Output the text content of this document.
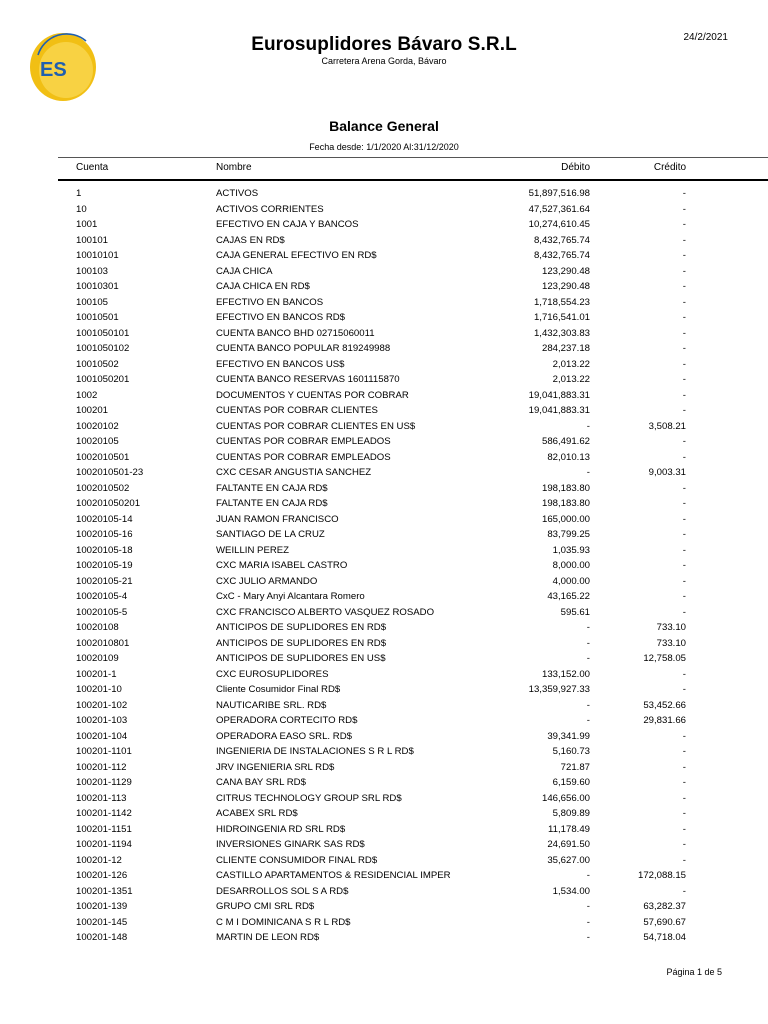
ES
Eurosuplidores Bávaro S.R.L
Carretera Arena Gorda, Bávaro
24/2/2021
Balance General
Fecha desde: 1/1/2020 Al:31/12/2020
Cuenta	Nombre	Débito	Crédito
1	ACTIVOS	51,897,516.98	-
10	ACTIVOS CORRIENTES	47,527,361.64	-
1001	EFECTIVO EN CAJA Y BANCOS	10,274,610.45	-
100101	CAJAS EN RD$	8,432,765.74	-
10010101	CAJA GENERAL EFECTIVO EN RD$	8,432,765.74	-
100103	CAJA CHICA	123,290.48	-
10010301	CAJA CHICA EN RD$	123,290.48	-
100105	EFECTIVO EN BANCOS	1,718,554.23	-
10010501	EFECTIVO EN BANCOS RD$	1,716,541.01	-
1001050101	CUENTA BANCO BHD 02715060011	1,432,303.83	-
1001050102	CUENTA BANCO POPULAR 819249988	284,237.18	-
10010502	EFECTIVO EN BANCOS US$	2,013.22	-
1001050201	CUENTA BANCO RESERVAS 1601115870	2,013.22	-
1002	DOCUMENTOS Y CUENTAS POR COBRAR	19,041,883.31	-
100201	CUENTAS POR COBRAR CLIENTES	19,041,883.31	-
10020102	CUENTAS POR COBRAR CLIENTES EN US$	-	3,508.21
10020105	CUENTAS POR COBRAR EMPLEADOS	586,491.62	-
1002010501	CUENTAS POR COBRAR EMPLEADOS	82,010.13	-
1002010501-23	CXC CESAR ANGUSTIA SANCHEZ	-	9,003.31
1002010502	FALTANTE EN CAJA RD$	198,183.80	-
100201050201	FALTANTE EN CAJA RD$	198,183.80	-
10020105-14	JUAN RAMON FRANCISCO	165,000.00	-
10020105-16	SANTIAGO DE LA CRUZ	83,799.25	-
10020105-18	WEILLIN PEREZ	1,035.93	-
10020105-19	CXC MARIA ISABEL CASTRO	8,000.00	-
10020105-21	CXC JULIO ARMANDO	4,000.00	-
10020105-4	CxC - Mary Anyi Alcantara Romero	43,165.22	-
10020105-5	CXC FRANCISCO ALBERTO VASQUEZ ROSADO	595.61	-
10020108	ANTICIPOS DE SUPLIDORES EN RD$	-	733.10
1002010801	ANTICIPOS DE SUPLIDORES EN RD$	-	733.10
10020109	ANTICIPOS DE SUPLIDORES EN US$	-	12,758.05
100201-1	CXC EUROSUPLIDORES	133,152.00	-
100201-10	Cliente Cosumidor Final RD$	13,359,927.33	-
100201-102	NAUTICARIBE SRL. RD$	-	53,452.66
100201-103	OPERADORA CORTECITO RD$	-	29,831.66
100201-104	OPERADORA EASO SRL. RD$	39,341.99	-
100201-1101	INGENIERIA DE INSTALACIONES S R L RD$	5,160.73	-
100201-112	JRV INGENIERIA SRL RD$	721.87	-
100201-1129	CANA BAY SRL RD$	6,159.60	-
100201-113	CITRUS TECHNOLOGY GROUP SRL RD$	146,656.00	-
100201-1142	ACABEX SRL RD$	5,809.89	-
100201-1151	HIDROINGENIA RD SRL RD$	11,178.49	-
100201-1194	INVERSIONES GINARK SAS RD$	24,691.50	-
100201-12	CLIENTE CONSUMIDOR FINAL RD$	35,627.00	-
100201-126	CASTILLO APARTAMENTOS & RESIDENCIAL IMPER	-	172,088.15
100201-1351	DESARROLLOS SOL S A RD$	1,534.00	-
100201-139	GRUPO CMI SRL RD$	-	63,282.37
100201-145	C M I DOMINICANA S R L RD$	-	57,690.67
100201-148	MARTIN DE LEON RD$	-	54,718.04
Página 1 de 5
